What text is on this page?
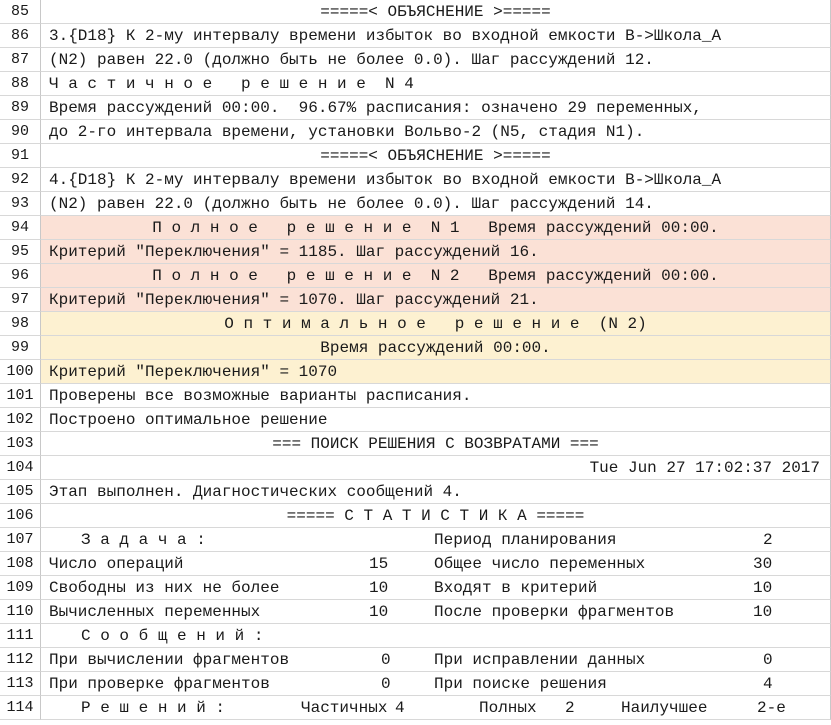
85	=====< ОБЪЯСНЕНИЕ >=====
86	3.{D18} К 2-му интервалу времени избыток во входной емкости В->Школа_А
87	(N2) равен 22.0 (должно быть не более 0.0). Шаг рассуждений 12.
88	Ч а с т и ч н о е   р е ш е н и е  N 4
89	Время рассуждений 00:00.  96.67% расписания: означено 29 переменных,
90	до 2-го интервала времени, установки Вольво-2 (N5, стадия N1).
91	=====< ОБЪЯСНЕНИЕ >=====
92	4.{D18} К 2-му интервалу времени избыток во входной емкости В->Школа_А
93	(N2) равен 22.0 (должно быть не более 0.0). Шаг рассуждений 14.
94	П о л н о е   р е ш е н и е  N 1   Время рассуждений 00:00.
95	Критерий "Переключения" = 1185. Шаг рассуждений 16.
96	П о л н о е   р е ш е н и е  N 2   Время рассуждений 00:00.
97	Критерий "Переключения" = 1070. Шаг рассуждений 21.
98	О п т и м а л ь н о е   р е ш е н и е  (N 2)
99	Время рассуждений 00:00.
100 Критерий "Переключения" = 1070
101 Проверены все возможные варианты расписания.
102 Построено оптимальное решение
103	=== ПОИСК РЕШЕНИЯ С ВОЗВРАТАМИ ===
104	Tue Jun 27 17:02:37 2017
105 Этап выполнен. Диагностических сообщений 4.
106	===== С Т А Т И С Т И К А =====
107	З а д а ч а :	Период планирования	2
108 Число операций	15	Общее число переменных	30
109 Свободны из них не более	10	Входят в критерий	10
110 Вычисленных переменных	10	После проверки фрагментов	10
111	С о о б щ е н и й :
112 При вычислении фрагментов	0	При исправлении данных	0
113 При проверке фрагментов	0	При поиске решения	4
114	Р е ш е н и й :	Частичных 4	Полных 2	Наилучшее	2-е
